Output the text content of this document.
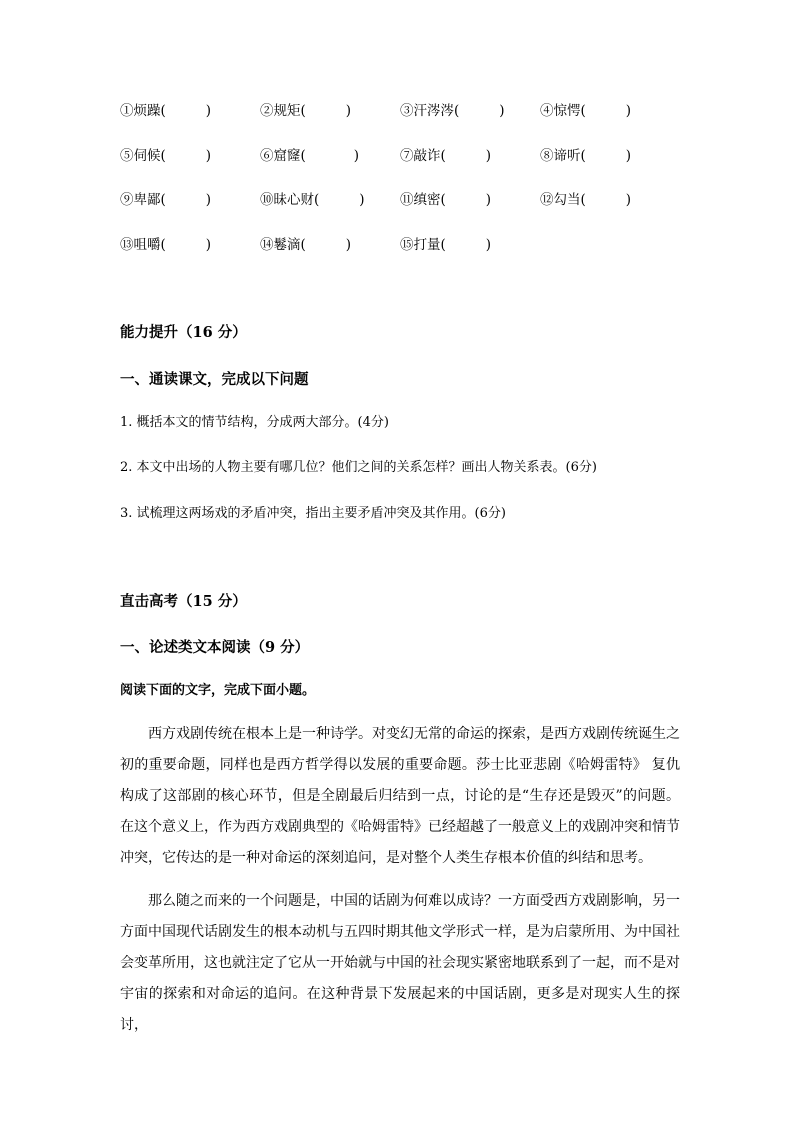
①烦躁(	)	②规矩(	)	③汗涔涔(	)	④惊愕(	)
⑤伺候(	)	⑥窟窿(	)	⑦敲诈(	)	⑧谛听(	)
⑨卑鄙(	)	⑩昧心财(	)	⑪缜密(	)	⑫勾当(	)
⑬咀嚼(	)	⑭鬈滴(	)	⑮打量(	)
能力提升（16 分）
一、通读课文，完成以下问题
1. 概括本文的情节结构，分成两大部分。(4分)
2. 本文中出场的人物主要有哪几位？他们之间的关系怎样？画出人物关系表。(6分)
3. 试梳理这两场戏的矛盾冲突，指出主要矛盾冲突及其作用。(6分)
直击高考（15 分）
一、论述类文本阅读（9 分）
阅读下面的文字，完成下面小题。

西方戏剧传统在根本上是一种诗学。对变幻无常的命运的探索，是西方戏剧传统诞生之初的重要命题，同样也是西方哲学得以发展的重要命题。莎士比亚悲剧《哈姆雷特》 复仇构成了这部剧的核心环节，但是全剧最后归结到一点，讨论的是“生存还是毁灭”的问题。在这个意义上，作为西方戏剧典型的《哈姆雷特》已经超越了一般意义上的戏剧冲突和情节冲突，它传达的是一种对命运的深刻追问，是对整个人类生存根本价值的纠结和思考。

那么随之而来的一个问题是，中国的话剧为何难以成诗？一方面受西方戏剧影响，另一方面中国现代话剧发生的根本动机与五四时期其他文学形式一样，是为启蒙所用、为中国社会变革所用，这也就注定了它从一开始就与中国的社会现实紧密地联系到了一起，而不是对宇宙的探索和对命运的追问。在这种背景下发展起来的中国话剧，更多是对现实人生的探讨，
